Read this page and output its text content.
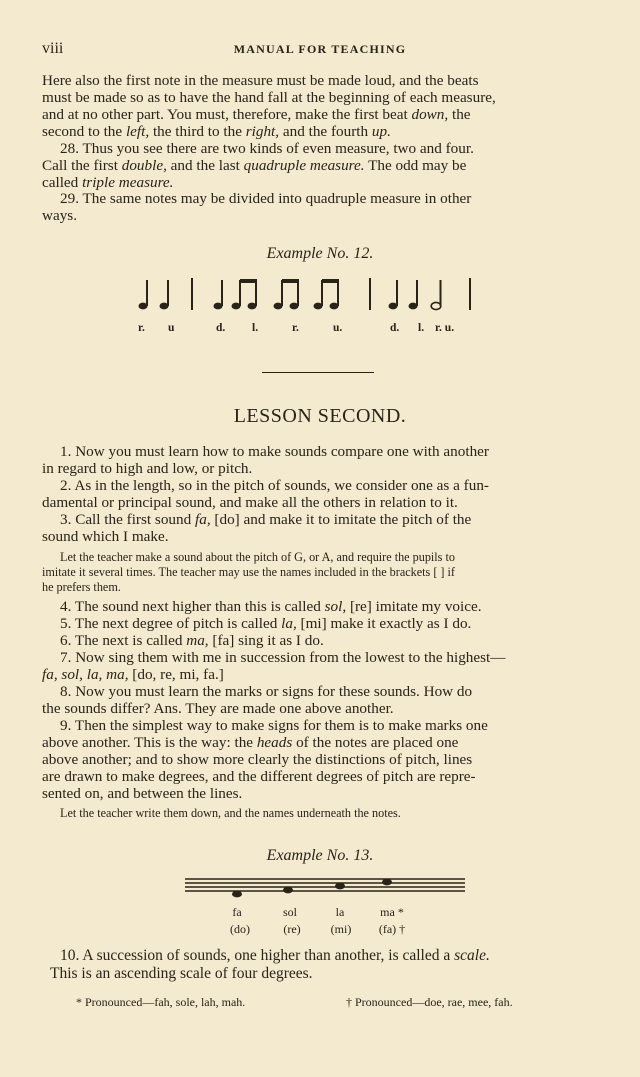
viii	MANUAL FOR TEACHING
Here also the first note in the measure must be made loud, and the beats
must be made so as to have the hand fall at the beginning of each measure,
and at no other part. You must, therefore, make the first beat down, the
second to the left, the third to the right, and the fourth up.
28. Thus you see there are two kinds of even measure, two and four.
Call the first double, and the last quadruple measure. The odd may be
called triple measure.
29. The same notes may be divided into quadruple measure in other
ways.
Example No. 12.
r. u	d. l.	r.	u.	d. l. r. u.
LESSON SECOND.
1. Now you must learn how to make sounds compare one with another
in regard to high and low, or pitch.
2. As in the length, so in the pitch of sounds, we consider one as a fun-
damental or principal sound, and make all the others in relation to it.
3. Call the first sound fa, [do] and make it to imitate the pitch of the
sound which I make.
Let the teacher make a sound about the pitch of G, or A, and require the pupils to
imitate it several times. The teacher may use the names included in the brackets [ ] if
he prefers them.
4. The sound next higher than this is called sol, [re] imitate my voice.
5. The next degree of pitch is called la, [mi] make it exactly as I do.
6. The next is called ma, [fa] sing it as I do.
7. Now sing them with me in succession from the lowest to the highest—
fa, sol, la, ma, [do, re, mi, fa.]
8. Now you must learn the marks or signs for these sounds. How do
the sounds differ? Ans. They are made one above another.
9. Then the simplest way to make signs for them is to make marks one
above another. This is the way: the heads of the notes are placed one
above another; and to show more clearly the distinctions of pitch, lines
are drawn to make degrees, and the different degrees of pitch are repre-
sented on, and between the lines.
Let the teacher write them down, and the names underneath the notes.
Example No. 13.
fa	sol	la	ma *
(do)	(re)	(mi)	(fa) †
10. A succession of sounds, one higher than another, is called a scale.
This is an ascending scale of four degrees.
* Pronounced—fah, sole, lah, mah.	† Pronounced—doe, rae, mee, fah.
